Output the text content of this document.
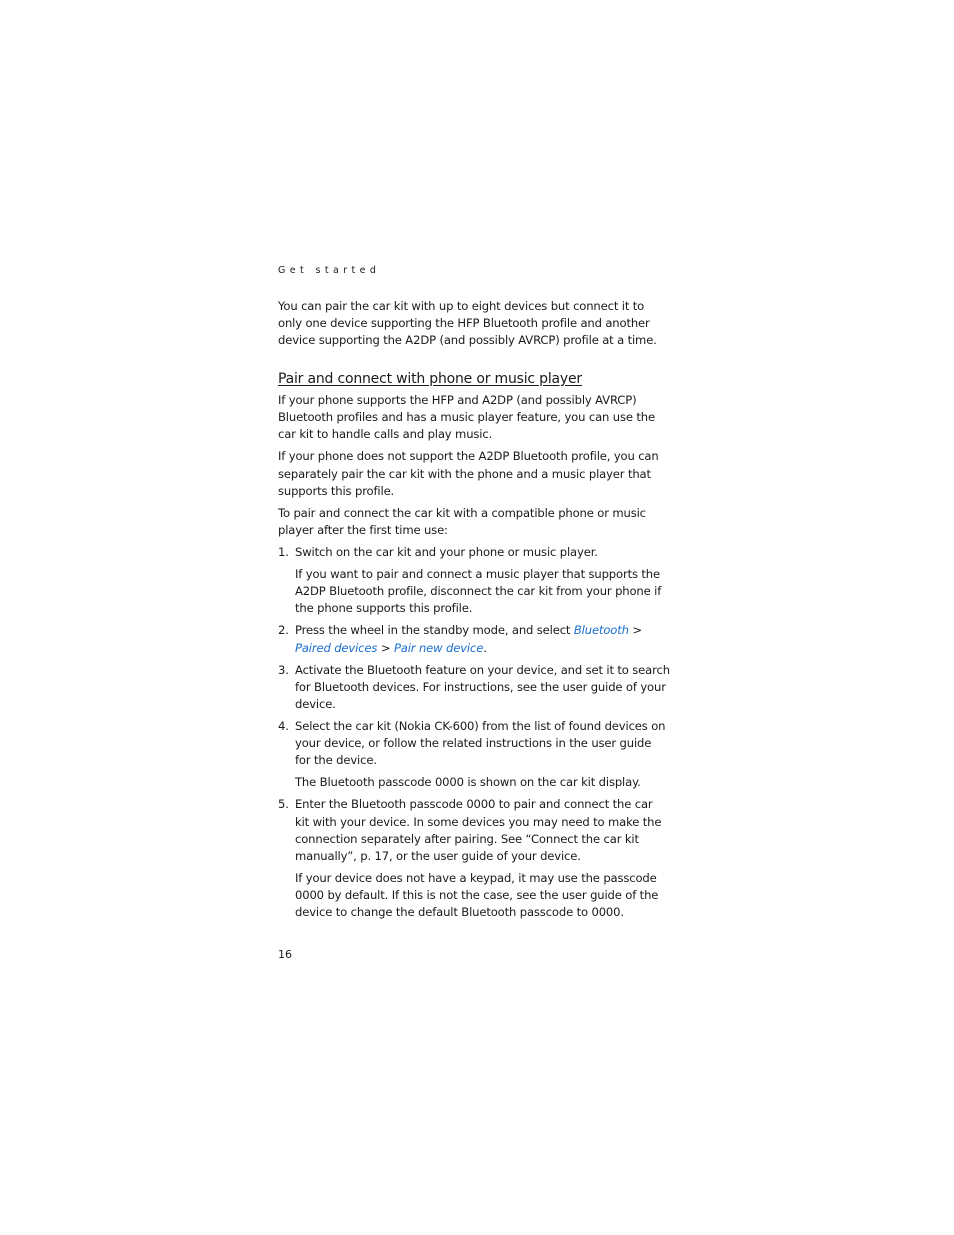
Get started

You can pair the car kit with up to eight devices but connect it to only one device supporting the HFP Bluetooth profile and another device supporting the A2DP (and possibly AVRCP) profile at a time.

Pair and connect with phone or music player

If your phone supports the HFP and A2DP (and possibly AVRCP) Bluetooth profiles and has a music player feature, you can use the car kit to handle calls and play music.

If your phone does not support the A2DP Bluetooth profile, you can separately pair the car kit with the phone and a music player that supports this profile.

To pair and connect the car kit with a compatible phone or music player after the first time use:

1. Switch on the car kit and your phone or music player.

If you want to pair and connect a music player that supports the A2DP Bluetooth profile, disconnect the car kit from your phone if the phone supports this profile.

2. Press the wheel in the standby mode, and select Bluetooth > Paired devices > Pair new device.

3. Activate the Bluetooth feature on your device, and set it to search for Bluetooth devices. For instructions, see the user guide of your device.

4. Select the car kit (Nokia CK-600) from the list of found devices on your device, or follow the related instructions in the user guide for the device.

The Bluetooth passcode 0000 is shown on the car kit display.

5. Enter the Bluetooth passcode 0000 to pair and connect the car kit with your device. In some devices you may need to make the connection separately after pairing. See “Connect the car kit manually”, p. 17, or the user guide of your device.

If your device does not have a keypad, it may use the passcode 0000 by default. If this is not the case, see the user guide of the device to change the default Bluetooth passcode to 0000.

16
